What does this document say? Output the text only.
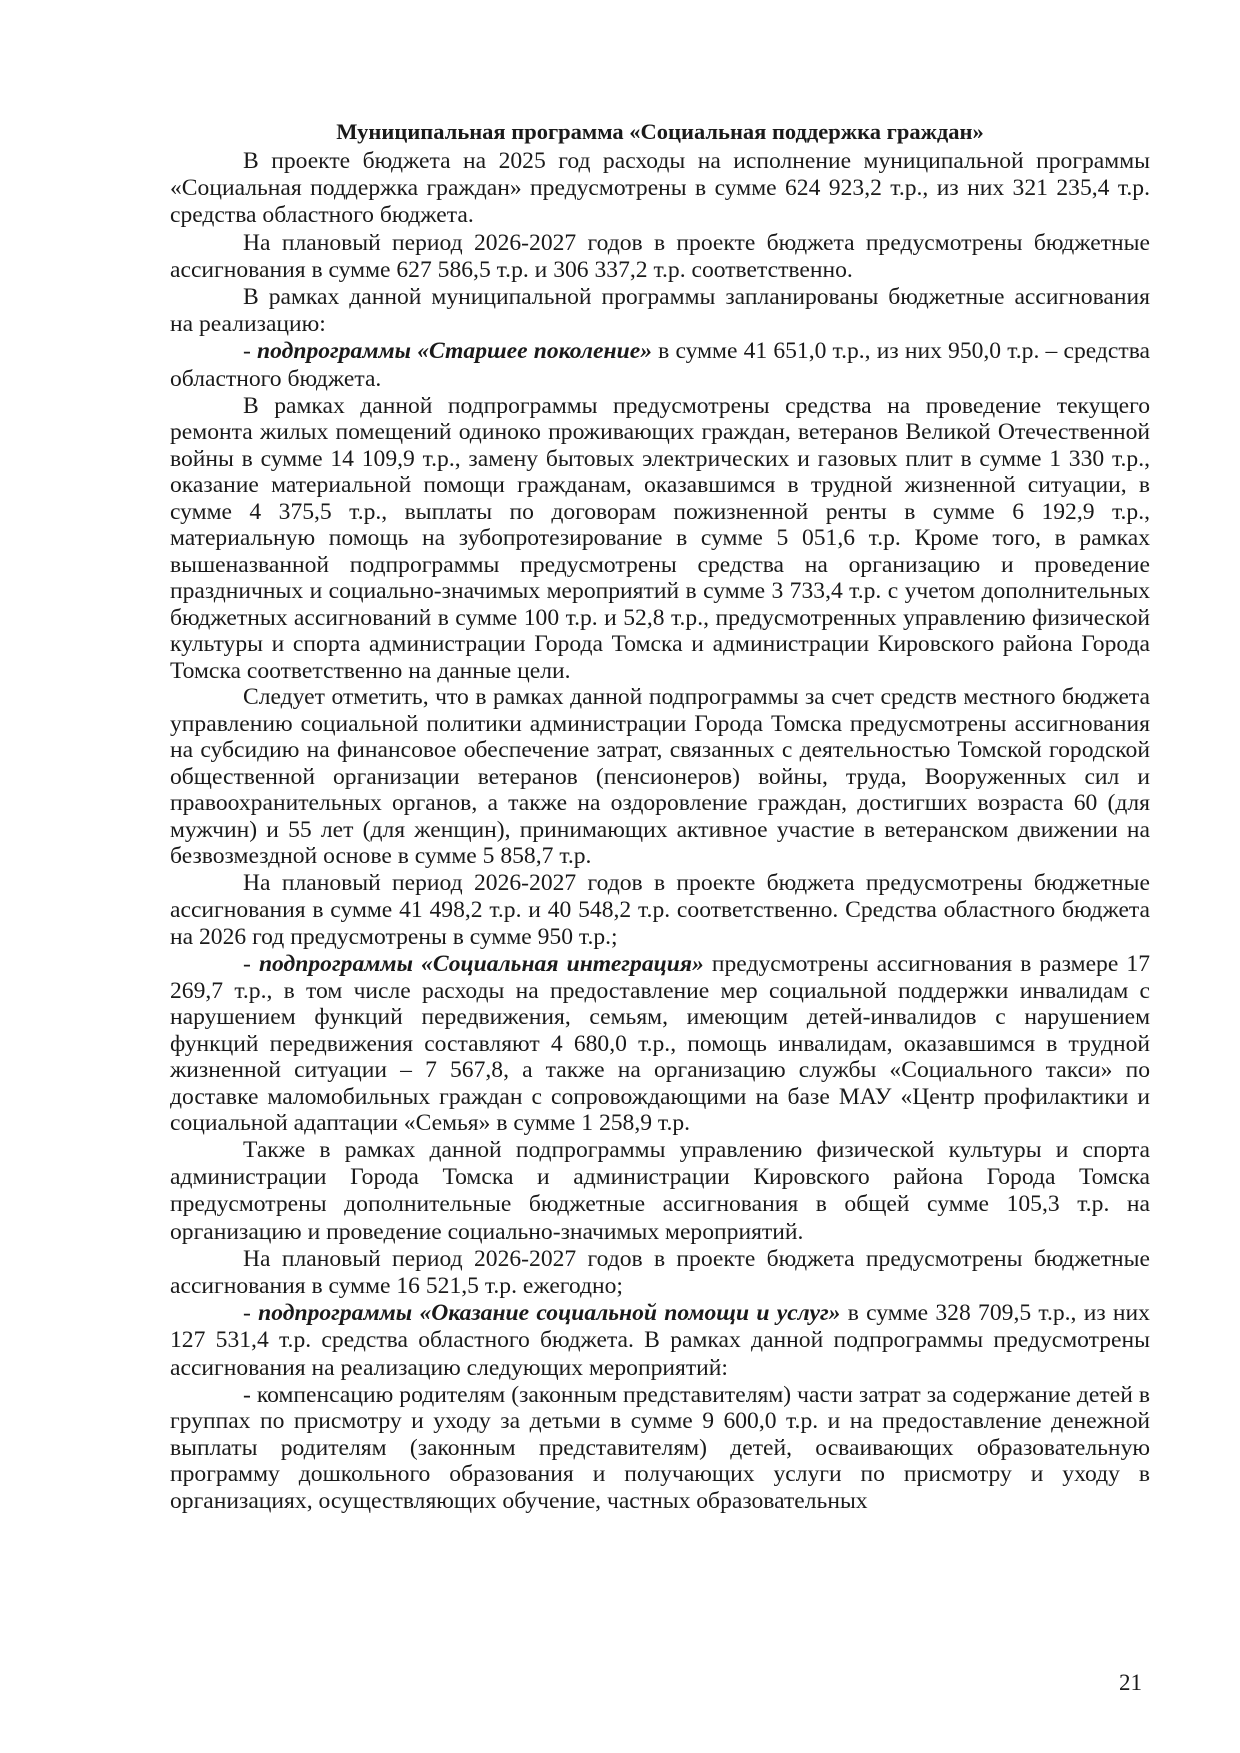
Муниципальная программа «Социальная поддержка граждан»

В проекте бюджета на 2025 год расходы на исполнение муниципальной программы «Социальная поддержка граждан» предусмотрены в сумме 624 923,2 т.р., из них 321 235,4 т.р. средства областного бюджета.

На плановый период 2026-2027 годов в проекте бюджета предусмотрены бюджетные ассигнования в сумме 627 586,5 т.р. и 306 337,2 т.р. соответственно.

В рамках данной муниципальной программы запланированы бюджетные ассигнования на реализацию:

- подпрограммы «Старшее поколение» в сумме 41 651,0 т.р., из них 950,0 т.р. – средства областного бюджета.

В рамках данной подпрограммы предусмотрены средства на проведение текущего ремонта жилых помещений одиноко проживающих граждан, ветеранов Великой Отечественной войны в сумме 14 109,9 т.р., замену бытовых электрических и газовых плит в сумме 1 330 т.р., оказание материальной помощи гражданам, оказавшимся в трудной жизненной ситуации, в сумме 4 375,5 т.р., выплаты по договорам пожизненной ренты в сумме 6 192,9 т.р., материальную помощь на зубопротезирование в сумме 5 051,6 т.р. Кроме того, в рамках вышеназванной подпрограммы предусмотрены средства на организацию и проведение праздничных и социально-значимых мероприятий в сумме 3 733,4 т.р. с учетом дополнительных бюджетных ассигнований в сумме 100 т.р. и 52,8 т.р., предусмотренных управлению физической культуры и спорта администрации Города Томска и администрации Кировского района Города Томска соответственно на данные цели.

Следует отметить, что в рамках данной подпрограммы за счет средств местного бюджета управлению социальной политики администрации Города Томска предусмотрены ассигнования на субсидию на финансовое обеспечение затрат, связанных с деятельностью Томской городской общественной организации ветеранов (пенсионеров) войны, труда, Вооруженных сил и правоохранительных органов, а также на оздоровление граждан, достигших возраста 60 (для мужчин) и 55 лет (для женщин), принимающих активное участие в ветеранском движении на безвозмездной основе в сумме 5 858,7 т.р.

На плановый период 2026-2027 годов в проекте бюджета предусмотрены бюджетные ассигнования в сумме 41 498,2 т.р. и 40 548,2 т.р. соответственно. Средства областного бюджета на 2026 год предусмотрены в сумме 950 т.р.;

- подпрограммы «Социальная интеграция» предусмотрены ассигнования в размере 17 269,7 т.р., в том числе расходы на предоставление мер социальной поддержки инвалидам с нарушением функций передвижения, семьям, имеющим детей-инвалидов с нарушением функций передвижения составляют 4 680,0 т.р., помощь инвалидам, оказавшимся в трудной жизненной ситуации – 7 567,8, а также на организацию службы «Социального такси» по доставке маломобильных граждан с сопровождающими на базе МАУ «Центр профилактики и социальной адаптации «Семья» в сумме 1 258,9 т.р.

Также в рамках данной подпрограммы управлению физической культуры и спорта администрации Города Томска и администрации Кировского района Города Томска предусмотрены дополнительные бюджетные ассигнования в общей сумме 105,3 т.р. на организацию и проведение социально-значимых мероприятий.

На плановый период 2026-2027 годов в проекте бюджета предусмотрены бюджетные ассигнования в сумме 16 521,5 т.р. ежегодно;

- подпрограммы «Оказание социальной помощи и услуг» в сумме 328 709,5 т.р., из них 127 531,4 т.р. средства областного бюджета. В рамках данной подпрограммы предусмотрены ассигнования на реализацию следующих мероприятий:

- компенсацию родителям (законным представителям) части затрат за содержание детей в группах по присмотру и уходу за детьми в сумме 9 600,0 т.р. и на предоставление денежной выплаты родителям (законным представителям) детей, осваивающих образовательную программу дошкольного образования и получающих услуги по присмотру и уходу в организациях, осуществляющих обучение, частных образовательных

21
